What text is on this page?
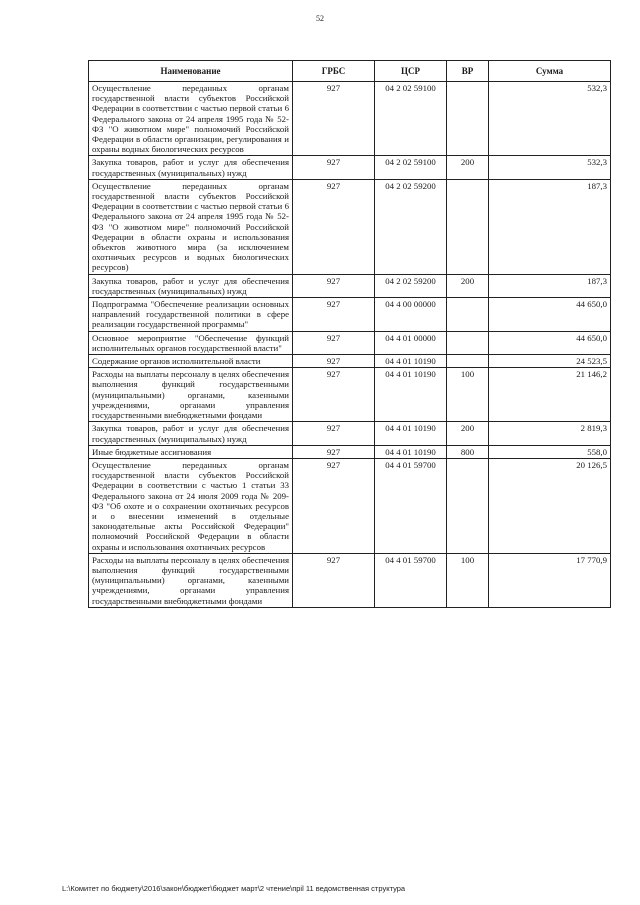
52
Наименование	ГРБС	ЦСР	ВР	Сумма
Осуществление переданных органам государственной власти субъектов Российской Федерации в соответствии с частью первой статьи 6 Федерального закона от 24 апреля 1995 года № 52-ФЗ "О животном мире" полномочий Российской Федерации в области организации, регулирования и охраны водных биологических ресурсов	927	04 2 02 59100		532,3
Закупка товаров, работ и услуг для обеспечения государственных (муниципальных) нужд	927	04 2 02 59100	200	532,3
Осуществление переданных органам государственной власти субъектов Российской Федерации в соответствии с частью первой статьи 6 Федерального закона от 24 апреля 1995 года № 52-ФЗ "О животном мире" полномочий Российской Федерации в области охраны и использования объектов животного мира (за исключением охотничьих ресурсов и водных биологических ресурсов)	927	04 2 02 59200		187,3
Закупка товаров, работ и услуг для обеспечения государственных (муниципальных) нужд	927	04 2 02 59200	200	187,3
Подпрограмма "Обеспечение реализации основных направлений государственной политики в сфере реализации государственной программы"	927	04 4 00 00000		44 650,0
Основное мероприятие "Обеспечение функций исполнительных органов государственной власти"	927	04 4 01 00000		44 650,0
Содержание органов исполнительной власти	927	04 4 01 10190		24 523,5
Расходы на выплаты персоналу в целях обеспечения выполнения функций государственными (муниципальными) органами, казенными учреждениями, органами управления государственными внебюджетными фондами	927	04 4 01 10190	100	21 146,2
Закупка товаров, работ и услуг для обеспечения государственных (муниципальных) нужд	927	04 4 01 10190	200	2 819,3
Иные бюджетные ассигнования	927	04 4 01 10190	800	558,0
Осуществление переданных органам государственной власти субъектов Российской Федерации в соответствии с частью 1 статьи 33 Федерального закона от 24 июля 2009 года № 209-ФЗ "Об охоте и о сохранении охотничьих ресурсов и о внесении изменений в отдельные законодательные акты Российской Федерации" полномочий Российской Федерации в области охраны и использования охотничьих ресурсов	927	04 4 01 59700		20 126,5
Расходы на выплаты персоналу в целях обеспечения выполнения функций государственными (муниципальными) органами, казенными учреждениями, органами управления государственными внебюджетными фондами	927	04 4 01 59700	100	17 770,9
L:\Комитет по бюджету\2016\закон\бюджет\бюджет март\2 чтение\прil 11 ведомственная структура
